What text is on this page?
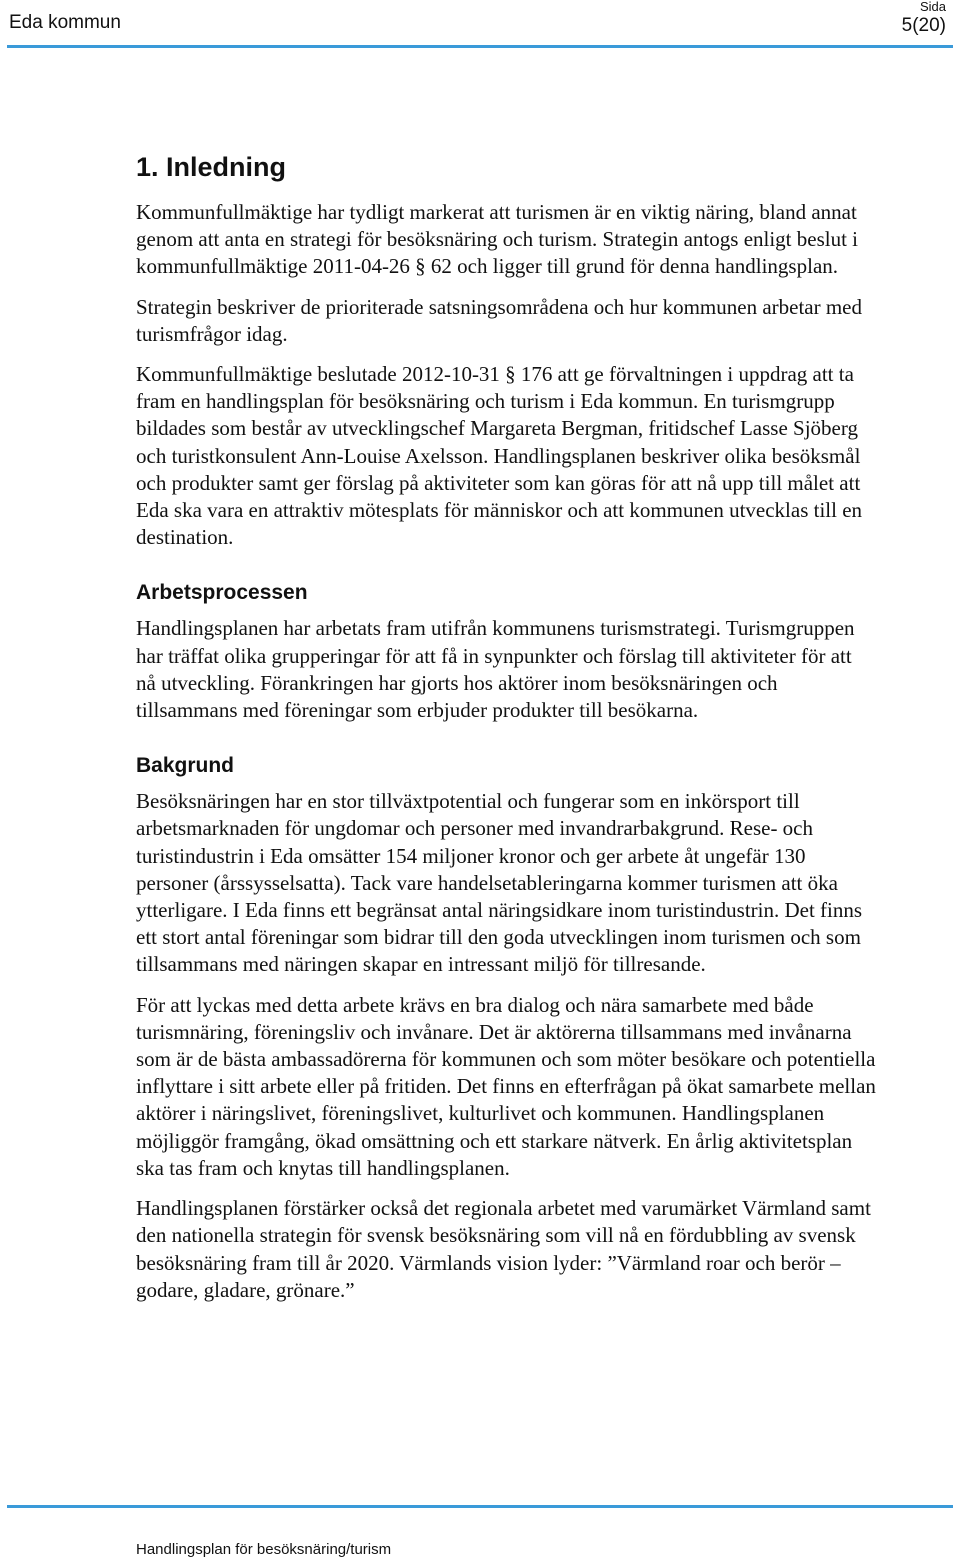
Eda kommun
Sida
5(20)
1. Inledning

Kommunfullmäktige har tydligt markerat att turismen är en viktig näring, bland annat genom att anta en strategi för besöksnäring och turism. Strategin antogs enligt beslut i kommunfullmäktige 2011-04-26 § 62 och ligger till grund för denna handlingsplan.

Strategin beskriver de prioriterade satsningsområdena och hur kommunen arbetar med turismfrågor idag.

Kommunfullmäktige beslutade 2012-10-31 § 176 att ge förvaltningen i uppdrag att ta fram en handlingsplan för besöksnäring och turism i Eda kommun. En turismgrupp bildades som består av utvecklingschef Margareta Bergman, fritidschef Lasse Sjöberg och turistkonsulent Ann-Louise Axelsson. Handlingsplanen beskriver olika besöksmål och produkter samt ger förslag på aktiviteter som kan göras för att nå upp till målet att Eda ska vara en attraktiv mötesplats för människor och att kommunen utvecklas till en destination.

Arbetsprocessen

Handlingsplanen har arbetats fram utifrån kommunens turismstrategi. Turismgruppen har träffat olika grupperingar för att få in synpunkter och förslag till aktiviteter för att nå utveckling. Förankringen har gjorts hos aktörer inom besöksnäringen och tillsammans med föreningar som erbjuder produkter till besökarna.

Bakgrund

Besöksnäringen har en stor tillväxtpotential och fungerar som en inkörsport till arbetsmarknaden för ungdomar och personer med invandrarbakgrund. Rese- och turistindustrin i Eda omsätter 154 miljoner kronor och ger arbete åt ungefär 130 personer (årssysselsatta). Tack vare handelsetableringarna kommer turismen att öka ytterligare. I Eda finns ett begränsat antal näringsidkare inom turistindustrin. Det finns ett stort antal föreningar som bidrar till den goda utvecklingen inom turismen och som tillsammans med näringen skapar en intressant miljö för tillresande.

För att lyckas med detta arbete krävs en bra dialog och nära samarbete med både turismnäring, föreningsliv och invånare. Det är aktörerna tillsammans med invånarna som är de bästa ambassadörerna för kommunen och som möter besökare och potentiella inflyttare i sitt arbete eller på fritiden. Det finns en efterfrågan på ökat samarbete mellan aktörer i näringslivet, föreningslivet, kulturlivet och kommunen. Handlingsplanen möjliggör framgång, ökad omsättning och ett starkare nätverk. En årlig aktivitetsplan ska tas fram och knytas till handlingsplanen.

Handlingsplanen förstärker också det regionala arbetet med varumärket Värmland samt den nationella strategin för svensk besöksnäring som vill nå en fördubbling av svensk besöksnäring fram till år 2020. Värmlands vision lyder: ”Värmland roar och berör – godare, gladare, grönare.”

Handlingsplan för besöksnäring/turism
